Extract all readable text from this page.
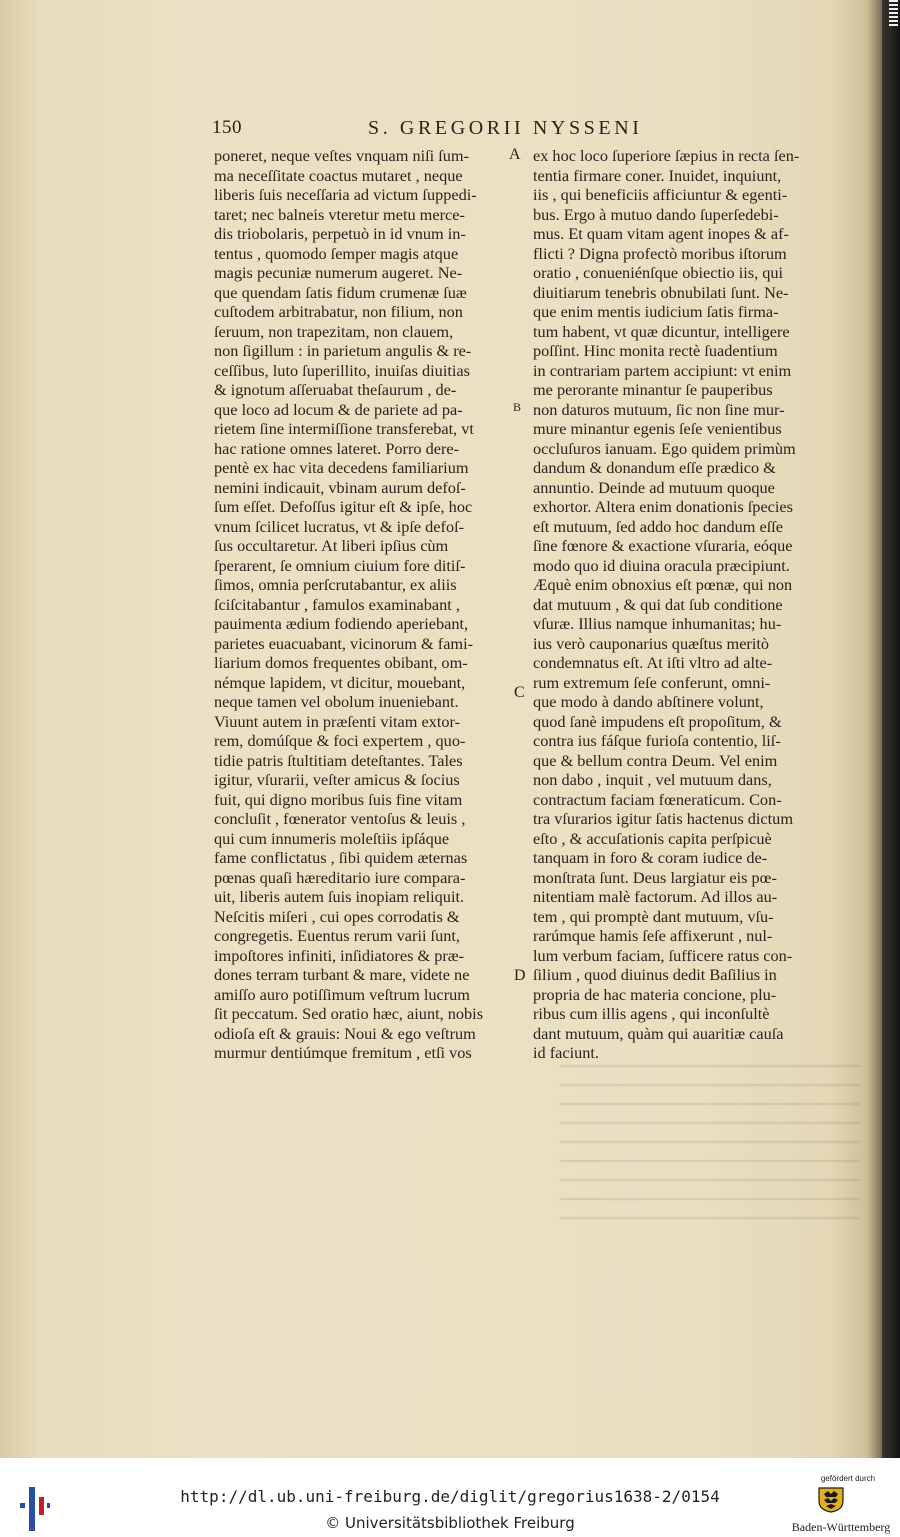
150	S. GREGORII NYSSENI
poneret, neque veſtes vnquam niſi ſum-
ma neceſſitate coactus mutaret , neque
liberis ſuis neceſſaria ad victum ſuppedi-
taret; nec balneis vteretur metu merce-
dis triobolaris, perpetuò in id vnum in-
tentus , quomodo ſemper magis atque
magis pecuniæ numerum augeret. Ne-
que quendam ſatis fidum crumenæ ſuæ
cuſtodem arbitrabatur, non filium, non
ſeruum, non trapezitam, non clauem,
non ſigillum : in parietum angulis & re-
ceſſibus, luto ſuperillito, inuiſas diuitias
& ignotum aſſeruabat theſaurum , de-
que loco ad locum & de pariete ad pa-
rietem ſine intermiſſione transferebat, vt
hac ratione omnes lateret. Porro dere-
pentè ex hac vita decedens familiarium
nemini indicauit, vbinam aurum defoſ-
ſum eſſet. Defoſſus igitur eſt & ipſe, hoc
vnum ſcilicet lucratus, vt & ipſe defoſ-
ſus occultaretur. At liberi ipſius cùm
ſperarent, ſe omnium ciuium fore ditiſ-
ſimos, omnia perſcrutabantur, ex aliis
ſciſcitabantur , famulos examinabant ,
pauimenta ædium fodiendo aperiebant,
parietes euacuabant, vicinorum & fami-
liarium domos frequentes obibant, om-
némque lapidem, vt dicitur, mouebant,
neque tamen vel obolum inueniebant.
Viuunt autem in præſenti vitam extor-
rem, domúſque & foci expertem , quo-
tidie patris ſtultitiam deteſtantes. Tales
igitur, vſurarii, veſter amicus & ſocius
fuit, qui digno moribus ſuis fine vitam
concluſit , fœnerator ventoſus & leuis ,
qui cum innumeris moleſtiis ipſáque
fame conflictatus , ſibi quidem æternas
pœnas quaſi hæreditario iure compara-
uit, liberis autem ſuis inopiam reliquit.
Neſcitis miſeri , cui opes corrodatis &
congregetis. Euentus rerum varii ſunt,
impoſtores infiniti, inſidiatores & præ-
dones terram turbant & mare, videte ne
amiſſo auro potiſſimum veſtrum lucrum
ſit peccatum. Sed oratio hæc, aiunt, nobis
odioſa eſt & grauis: Noui & ego veſtrum
murmur dentiúmque fremitum , etſi vos
ex hoc loco ſuperiore ſæpius in recta ſen-
tentia firmare coner. Inuidet, inquiunt,
iis , qui beneficiis afficiuntur & egenti-
bus. Ergo à mutuo dando ſuperſedebi-
mus. Et quam vitam agent inopes & af-
flicti ? Digna profectò moribus iſtorum
oratio , conueniénſque obiectio iis, qui
diuitiarum tenebris obnubilati ſunt. Ne-
que enim mentis iudicium ſatis firma-
tum habent, vt quæ dicuntur, intelligere
poſſint. Hinc monita rectè ſuadentium
in contrariam partem accipiunt: vt enim
me perorante minantur ſe pauperibus
non daturos mutuum, ſic non ſine mur-
mure minantur egenis ſeſe venientibus
occluſuros ianuam. Ego quidem primùm
dandum & donandum eſſe prædico &
annuntio. Deinde ad mutuum quoque
exhortor. Altera enim donationis ſpecies
eſt mutuum, ſed addo hoc dandum eſſe
ſine fœnore & exactione vſuraria, eóque
modo quo id diuina oracula præcipiunt.
Æquè enim obnoxius eſt pœnæ, qui non
dat mutuum , & qui dat ſub conditione
vſuræ. Illius namque inhumanitas; hu-
ius verò cauponarius quæſtus meritò
condemnatus eſt. At iſti vltro ad alte-
rum extremum ſeſe conferunt, omni-
que modo à dando abſtinere volunt,
quod ſanè impudens eſt propoſitum, &
contra ius fáſque furioſa contentio, liſ-
que & bellum contra Deum. Vel enim
non dabo , inquit , vel mutuum dans,
contractum faciam fœneraticum. Con-
tra vſurarios igitur ſatis hactenus dictum
eſto , & accuſationis capita perſpicuè
tanquam in foro & coram iudice de-
monſtrata ſunt. Deus largiatur eis pœ-
nitentiam malè factorum. Ad illos au-
tem , qui promptè dant mutuum, vſu-
rarúmque hamis ſeſe affixerunt , nul-
lum verbum faciam, ſufficere ratus con-
ſilium , quod diuinus dedit Baſilius in
propria de hac materia concione, plu-
ribus cum illis agens , qui inconſultè
dant mutuum, quàm qui auaritiæ cauſa
id faciunt.
A
B
C
D
http://dl.ub.uni-freiburg.de/diglit/gregorius1638-2/0154
© Universitätsbibliothek Freiburg
gefördert durch
Baden-Württemberg
